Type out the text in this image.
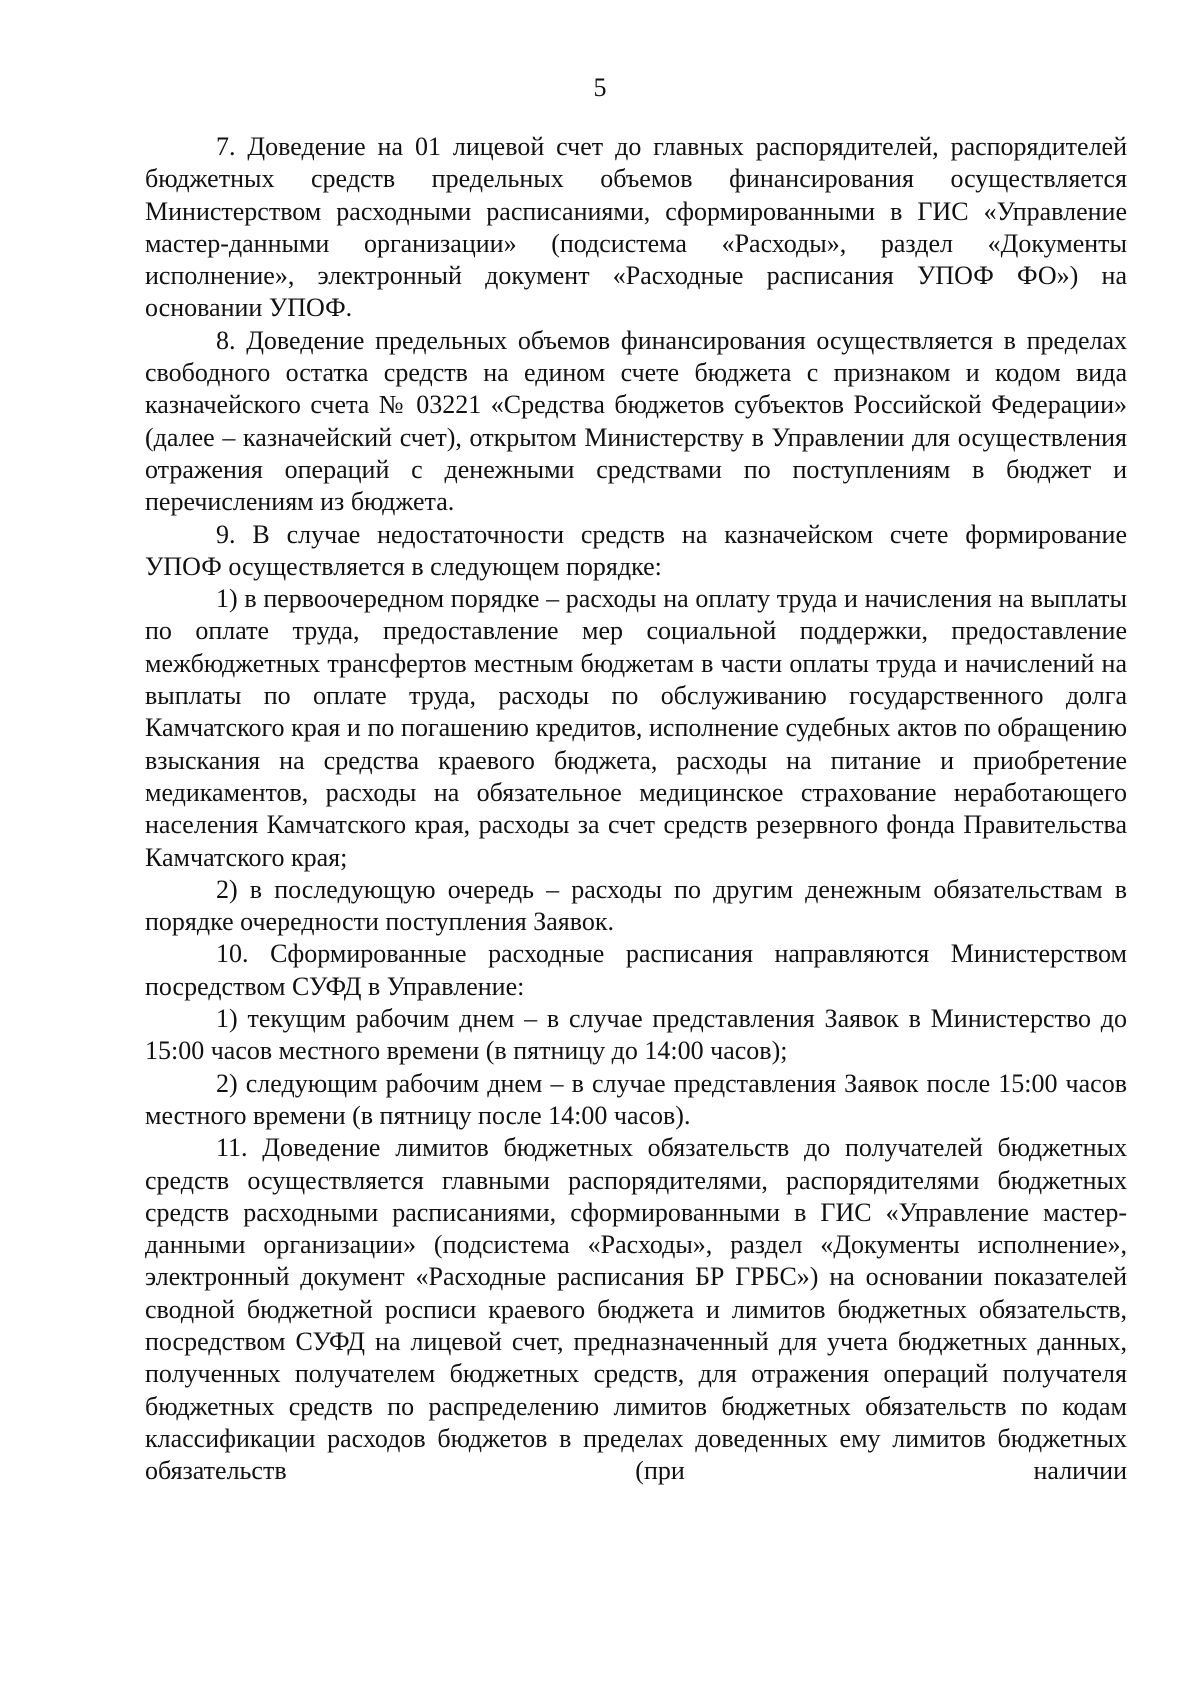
5

7. Доведение на 01 лицевой счет до главных распорядителей, распорядителей бюджетных средств предельных объемов финансирования осуществляется Министерством расходными расписаниями, сформированными в ГИС «Управление мастер-данными организации» (подсистема «Расходы», раздел «Документы исполнение», электронный документ «Расходные расписания УПОФ ФО») на основании УПОФ.

8. Доведение предельных объемов финансирования осуществляется в пределах свободного остатка средств на едином счете бюджета с признаком и кодом вида казначейского счета № 03221 «Средства бюджетов субъектов Российской Федерации» (далее – казначейский счет), открытом Министерству в Управлении для осуществления отражения операций с денежными средствами по поступлениям в бюджет и перечислениям из бюджета.

9. В случае недостаточности средств на казначейском счете формирование УПОФ осуществляется в следующем порядке:

1) в первоочередном порядке – расходы на оплату труда и начисления на выплаты по оплате труда, предоставление мер социальной поддержки, предоставление межбюджетных трансфертов местным бюджетам в части оплаты труда и начислений на выплаты по оплате труда, расходы по обслуживанию государственного долга Камчатского края и по погашению кредитов, исполнение судебных актов по обращению взыскания на средства краевого бюджета, расходы на питание и приобретение медикаментов, расходы на обязательное медицинское страхование неработающего населения Камчатского края, расходы за счет средств резервного фонда Правительства Камчатского края;

2) в последующую очередь – расходы по другим денежным обязательствам в порядке очередности поступления Заявок.

10. Сформированные расходные расписания направляются Министерством посредством СУФД в Управление:

1) текущим рабочим днем – в случае представления Заявок в Министерство до 15:00 часов местного времени (в пятницу до 14:00 часов);

2) следующим рабочим днем – в случае представления Заявок после 15:00 часов местного времени (в пятницу после 14:00 часов).

11. Доведение лимитов бюджетных обязательств до получателей бюджетных средств осуществляется главными распорядителями, распорядителями бюджетных средств расходными расписаниями, сформированными в ГИС «Управление мастер-данными организации» (подсистема «Расходы», раздел «Документы исполнение», электронный документ «Расходные расписания БР ГРБС») на основании показателей сводной бюджетной росписи краевого бюджета и лимитов бюджетных обязательств, посредством СУФД на лицевой счет, предназначенный для учета бюджетных данных, полученных получателем бюджетных средств, для отражения операций получателя бюджетных средств по распределению лимитов бюджетных обязательств по кодам классификации расходов бюджетов в пределах доведенных ему лимитов бюджетных обязательств (при наличии
